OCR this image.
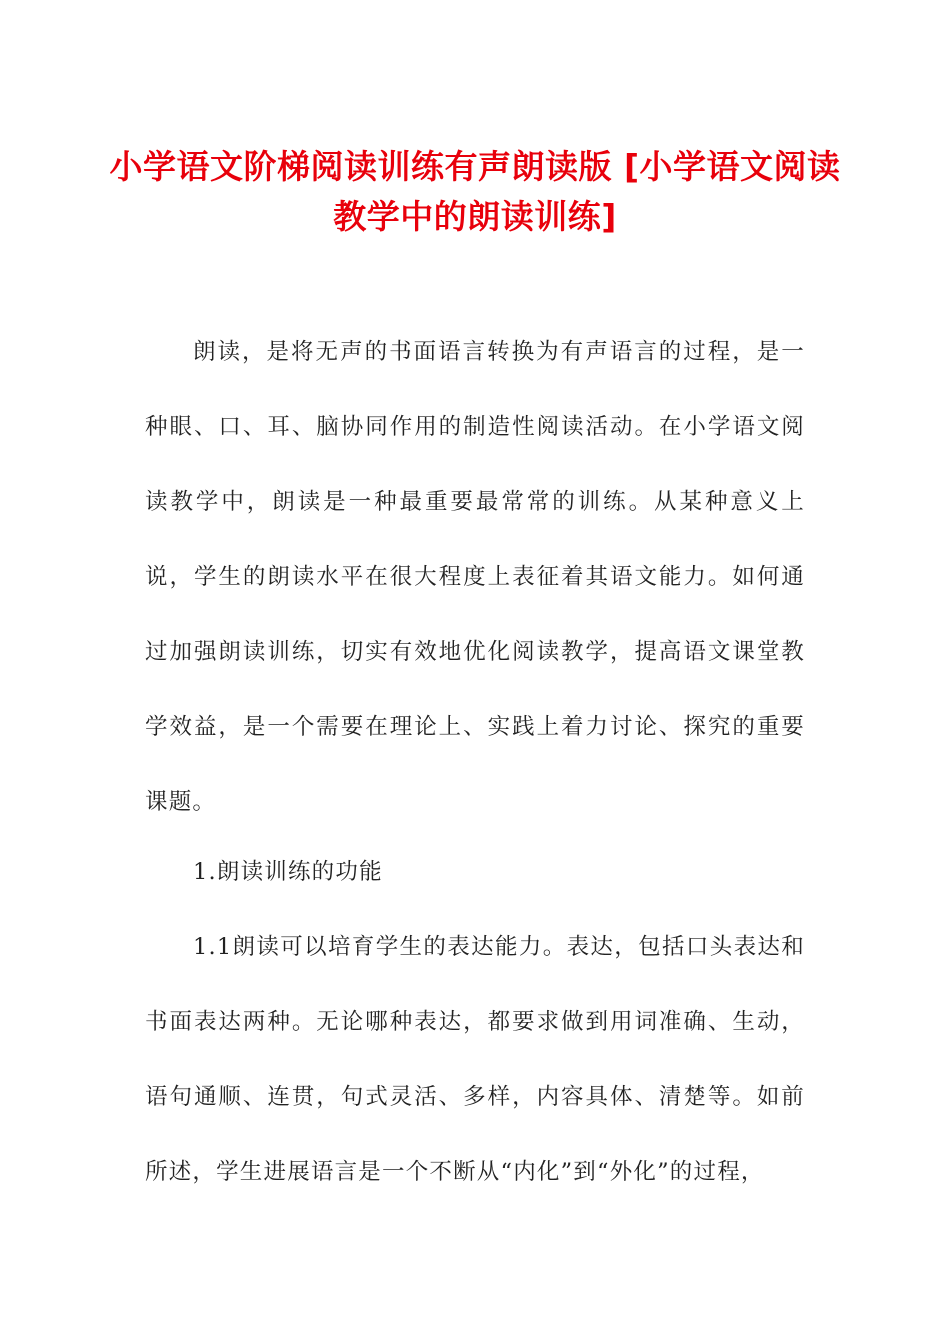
小学语文阶梯阅读训练有声朗读版 [小学语文阅读教学中的朗读训练]

朗读，是将无声的书面语言转换为有声语言的过程，是一种眼、口、耳、脑协同作用的制造性阅读活动。在小学语文阅读教学中，朗读是一种最重要最常常的训练。从某种意义上说，学生的朗读水平在很大程度上表征着其语文能力。如何通过加强朗读训练，切实有效地优化阅读教学，提高语文课堂教学效益，是一个需要在理论上、实践上着力讨论、探究的重要课题。

1.朗读训练的功能

1.1朗读可以培育学生的表达能力。表达，包括口头表达和书面表达两种。无论哪种表达，都要求做到用词准确、生动，语句通顺、连贯，句式灵活、多样，内容具体、清楚等。如前所述，学生进展语言是一个不断从“内化”到“外化”的过程，
